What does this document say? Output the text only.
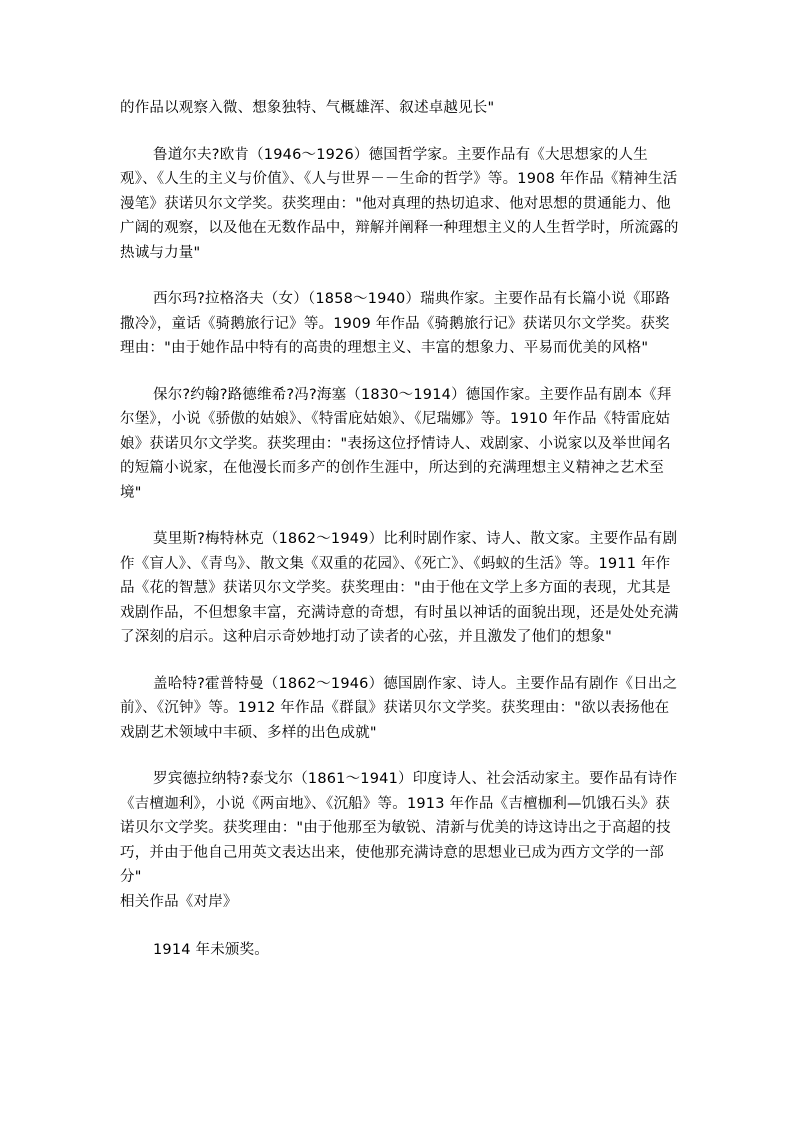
的作品以观察入微、想象独特、气概雄浑、叙述卓越见长"

鲁道尔夫?欧肯（1946～1926）德国哲学家。主要作品有《大思想家的人生观》、《人生的主义与价值》、《人与世界－－生命的哲学》等。1908 年作品《精神生活漫笔》获诺贝尔文学奖。获奖理由："他对真理的热切追求、他对思想的贯通能力、他广阔的观察，以及他在无数作品中，辩解并阐释一种理想主义的人生哲学时，所流露的热诚与力量"

西尔玛?拉格洛夫（女）（1858～1940）瑞典作家。主要作品有长篇小说《耶路撒冷》，童话《骑鹅旅行记》等。1909 年作品《骑鹅旅行记》获诺贝尔文学奖。获奖理由："由于她作品中特有的高贵的理想主义、丰富的想象力、平易而优美的风格"

保尔?约翰?路德维希?冯?海塞（1830～1914）德国作家。主要作品有剧本《拜尔堡》，小说《骄傲的姑娘》、《特雷庇姑娘》、《尼瑞娜》等。1910 年作品《特雷庇姑娘》获诺贝尔文学奖。获奖理由："表扬这位抒情诗人、戏剧家、小说家以及举世闻名的短篇小说家，在他漫长而多产的创作生涯中，所达到的充满理想主义精神之艺术至境"

莫里斯?梅特林克（1862～1949）比利时剧作家、诗人、散文家。主要作品有剧作《盲人》、《青鸟》、散文集《双重的花园》、《死亡》、《蚂蚁的生活》等。1911 年作品《花的智慧》获诺贝尔文学奖。获奖理由："由于他在文学上多方面的表现，尤其是戏剧作品，不但想象丰富，充满诗意的奇想，有时虽以神话的面貌出现，还是处处充满了深刻的启示。这种启示奇妙地打动了读者的心弦，并且激发了他们的想象"

盖哈特?霍普特曼（1862～1946）德国剧作家、诗人。主要作品有剧作《日出之前》、《沉钟》等。1912 年作品《群鼠》获诺贝尔文学奖。获奖理由："欲以表扬他在戏剧艺术领域中丰硕、多样的出色成就"

罗宾德拉纳特?泰戈尔（1861～1941）印度诗人、社会活动家主。要作品有诗作《吉檀迦利》，小说《两亩地》、《沉船》等。1913 年作品《吉檀枷利—饥饿石头》获诺贝尔文学奖。获奖理由："由于他那至为敏锐、清新与优美的诗这诗出之于高超的技巧，并由于他自己用英文表达出来，使他那充满诗意的思想业已成为西方文学的一部分"

相关作品《对岸》

1914 年未颁奖。
